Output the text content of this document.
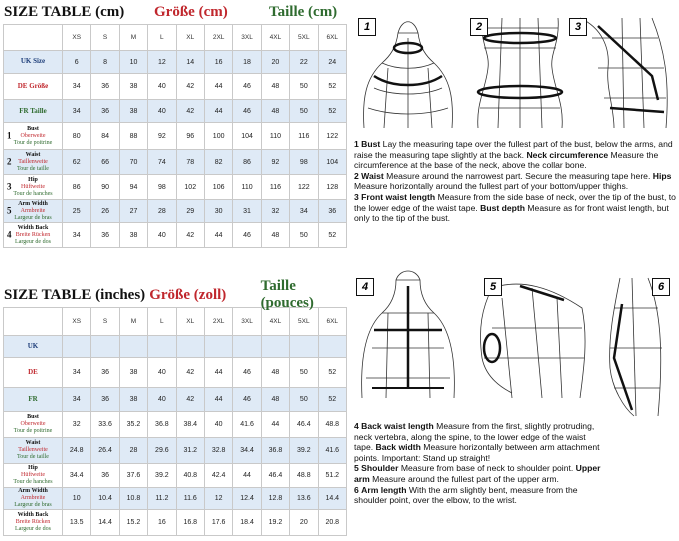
SIZE TABLE (cm)	Größe (cm)	Taille (cm)
	XS	S	M	L	XL	2XL	3XL	4XL	5XL	6XL
UK Size	6	8	10	12	14	16	18	20	22	24

DE Größe	34	36	38	40	42	44	46	48	50	52

FR Taille	34	36	38	40	42	44	46	48	50	52

1
Bust
Oberweite
Tour de poitrine	80	84	88	92	96	100	104	110	116	122

2
Waist
Taillenweite
Tour de taille	62	66	70	74	78	82	86	92	98	104

3
Hip
Hüftweite
Tour de hanches	86	90	94	98	102	106	110	116	122	128

5
Arm Width
Armbreite
Largeur de bras	25	26	27	28	29	30	31	32	34	36

4
Width Back
Breite Rücken
Largeur de dos	34	36	38	40	42	44	46	48	50	52
SIZE TABLE (inches) Größe (zoll)
Taille (pouces)
	XS	S	M	L	XL	2XL	3XL	4XL	5XL	6XL
UK										

DE	34	36	38	40	42	44	46	48	50	52

FR	34	36	38	40	42	44	46	48	50	52

Bust
Oberweite
Tour de poitrine	32	33.6	35.2	36.8	38.4	40	41.6	44	46.4	48.8

Waist
Taillenweite
Tour de taille	24.8	26.4	28	29.6	31.2	32.8	34.4	36.8	39.2	41.6

Hip
Hüftweite
Tour de hanches	34.4	36	37.6	39.2	40.8	42.4	44	46.4	48.8	51.2

Arm Width
Armbreite
Largeur de bras	10	10.4	10.8	11.2	11.6	12	12.4	12.8	13.6	14.4

Width Back
Breite Rücken
Largeur de dos	13.5	14.4	15.2	16	16.8	17.6	18.4	19.2	20	20.8
1	2	3

1 Bust Lay the measuring tape over the fullest part of the bust, below the arms, and raise the measuring tape slightly at the back. Neck circumference Measure the circumference at the base of the neck, above the collar bone.

2 Waist Measure around the narrowest part. Secure the measuring tape here. Hips Measure horizontally around the fullest part of your bottom/upper thighs.

3 Front waist length Measure from the side base of neck, over the tip of the bust, to the lower edge of the waist tape. Bust depth Measure as for front waist length, but only to the tip of the bust.

4	5	6

4 Back waist length Measure from the first, slightly protruding, neck vertebra, along the spine, to the lower edge of the waist tape. Back width Measure horizontally between arm attachment points. Important: Stand up straight!

5 Shoulder Measure from base of neck to shoulder point. Upper arm Measure around the fullest part of the upper arm.

6 Arm length With the arm slightly bent, measure from the shoulder point, over the elbow, to the wrist.
